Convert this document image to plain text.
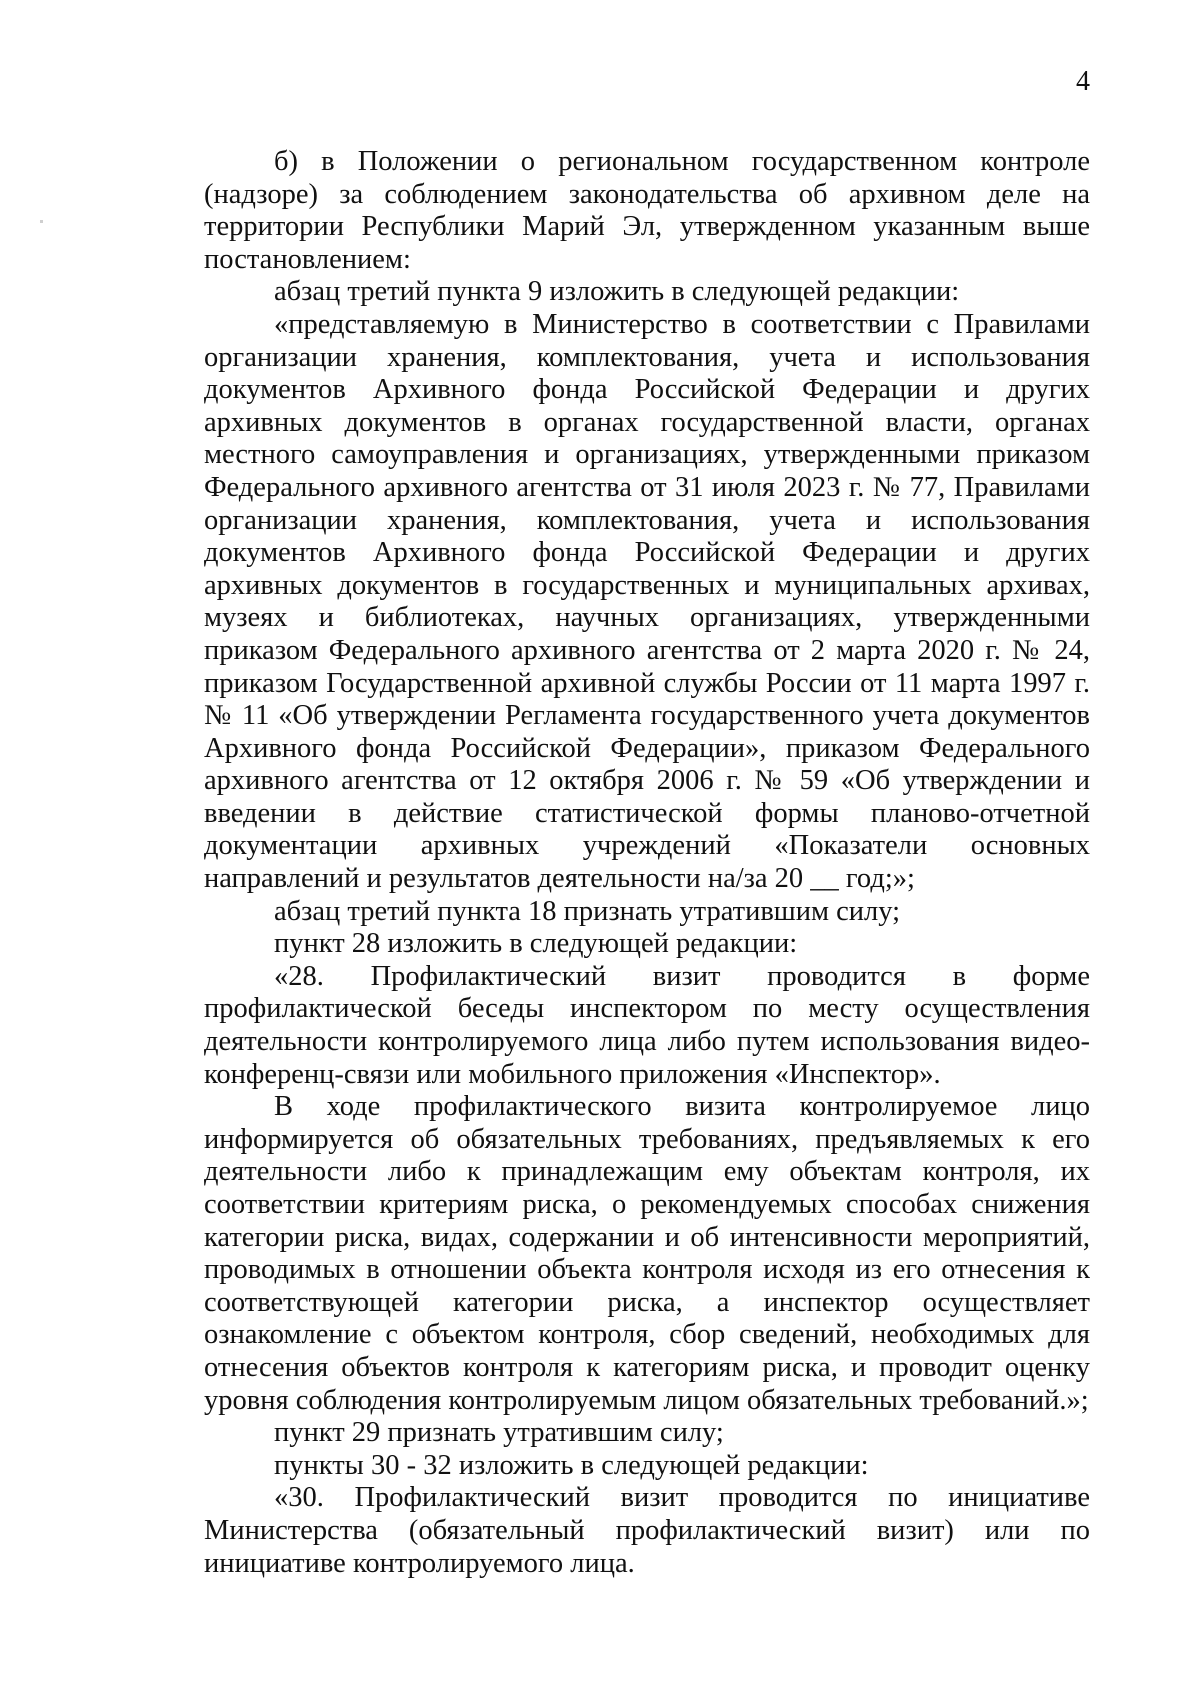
4

б) в Положении о региональном государственном контроле (надзоре) за соблюдением законодательства об архивном деле на территории Республики Марий Эл, утвержденном указанным выше постановлением:

абзац третий пункта 9 изложить в следующей редакции:

«представляемую в Министерство в соответствии с Правилами организации хранения, комплектования, учета и использования документов Архивного фонда Российской Федерации и других архивных документов в органах государственной власти, органах местного самоуправления и организациях, утвержденными приказом Федерального архивного агентства от 31 июля 2023 г. № 77, Правилами организации хранения, комплектования, учета и использования документов Архивного фонда Российской Федерации и других архивных документов в государственных и муниципальных архивах, музеях и библиотеках, научных организациях, утвержденными приказом Федерального архивного агентства от 2 марта 2020 г. № 24, приказом Государственной архивной службы России от 11 марта 1997 г. № 11 «Об утверждении Регламента государственного учета документов Архивного фонда Российской Федерации», приказом Федерального архивного агентства от 12 октября 2006 г. № 59 «Об утверждении и введении в действие статистической формы планово-отчетной документации архивных учреждений «Показатели основных направлений и результатов деятельности на/за 20 __ год;»;

абзац третий пункта 18 признать утратившим силу;

пункт 28 изложить в следующей редакции:

«28. Профилактический визит проводится в форме профилактической беседы инспектором по месту осуществления деятельности контролируемого лица либо путем использования видео-конференц-связи или мобильного приложения «Инспектор».

В ходе профилактического визита контролируемое лицо информируется об обязательных требованиях, предъявляемых к его деятельности либо к принадлежащим ему объектам контроля, их соответствии критериям риска, о рекомендуемых способах снижения категории риска, видах, содержании и об интенсивности мероприятий, проводимых в отношении объекта контроля исходя из его отнесения к соответствующей категории риска, а инспектор осуществляет ознакомление с объектом контроля, сбор сведений, необходимых для отнесения объектов контроля к категориям риска, и проводит оценку уровня соблюдения контролируемым лицом обязательных требований.»;

пункт 29 признать утратившим силу;

пункты 30 - 32 изложить в следующей редакции:

«30. Профилактический визит проводится по инициативе Министерства (обязательный профилактический визит) или по инициативе контролируемого лица.
